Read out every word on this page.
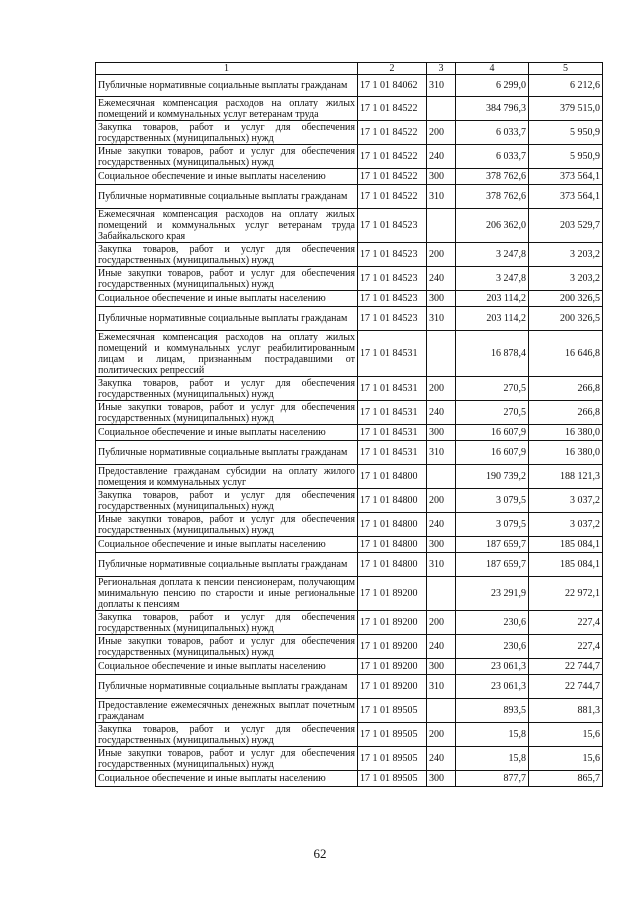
1	2	3	4	5
Публичные нормативные социальные выплаты гражданам	17 1 01 84062	310	6 299,0	6 212,6
Ежемесячная компенсация расходов на оплату жилых помещений и коммунальных услуг ветеранам труда	17 1 01 84522		384 796,3	379 515,0
Закупка товаров, работ и услуг для обеспечения государственных (муниципальных) нужд	17 1 01 84522	200	6 033,7	5 950,9
Иные закупки товаров, работ и услуг для обеспечения государственных (муниципальных) нужд	17 1 01 84522	240	6 033,7	5 950,9
Социальное обеспечение и иные выплаты населению	17 1 01 84522	300	378 762,6	373 564,1
Публичные нормативные социальные выплаты гражданам	17 1 01 84522	310	378 762,6	373 564,1
Ежемесячная компенсация расходов на оплату жилых помещений и коммунальных услуг ветеранам труда Забайкальского края	17 1 01 84523		206 362,0	203 529,7
Закупка товаров, работ и услуг для обеспечения государственных (муниципальных) нужд	17 1 01 84523	200	3 247,8	3 203,2
Иные закупки товаров, работ и услуг для обеспечения государственных (муниципальных) нужд	17 1 01 84523	240	3 247,8	3 203,2
Социальное обеспечение и иные выплаты населению	17 1 01 84523	300	203 114,2	200 326,5
Публичные нормативные социальные выплаты гражданам	17 1 01 84523	310	203 114,2	200 326,5
Ежемесячная компенсация расходов на оплату жилых помещений и коммунальных услуг реабилитированным лицам и лицам, признанным пострадавшими от политических репрессий	17 1 01 84531		16 878,4	16 646,8
Закупка товаров, работ и услуг для обеспечения государственных (муниципальных) нужд	17 1 01 84531	200	270,5	266,8
Иные закупки товаров, работ и услуг для обеспечения государственных (муниципальных) нужд	17 1 01 84531	240	270,5	266,8
Социальное обеспечение и иные выплаты населению	17 1 01 84531	300	16 607,9	16 380,0
Публичные нормативные социальные выплаты гражданам	17 1 01 84531	310	16 607,9	16 380,0
Предоставление гражданам субсидии на оплату жилого помещения и коммунальных услуг	17 1 01 84800		190 739,2	188 121,3
Закупка товаров, работ и услуг для обеспечения государственных (муниципальных) нужд	17 1 01 84800	200	3 079,5	3 037,2
Иные закупки товаров, работ и услуг для обеспечения государственных (муниципальных) нужд	17 1 01 84800	240	3 079,5	3 037,2
Социальное обеспечение и иные выплаты населению	17 1 01 84800	300	187 659,7	185 084,1
Публичные нормативные социальные выплаты гражданам	17 1 01 84800	310	187 659,7	185 084,1
Региональная доплата к пенсии пенсионерам, получающим минимальную пенсию по старости и иные региональные доплаты к пенсиям	17 1 01 89200		23 291,9	22 972,1
Закупка товаров, работ и услуг для обеспечения государственных (муниципальных) нужд	17 1 01 89200	200	230,6	227,4
Иные закупки товаров, работ и услуг для обеспечения государственных (муниципальных) нужд	17 1 01 89200	240	230,6	227,4
Социальное обеспечение и иные выплаты населению	17 1 01 89200	300	23 061,3	22 744,7
Публичные нормативные социальные выплаты гражданам	17 1 01 89200	310	23 061,3	22 744,7
Предоставление ежемесячных денежных выплат почетным гражданам	17 1 01 89505		893,5	881,3
Закупка товаров, работ и услуг для обеспечения государственных (муниципальных) нужд	17 1 01 89505	200	15,8	15,6
Иные закупки товаров, работ и услуг для обеспечения государственных (муниципальных) нужд	17 1 01 89505	240	15,8	15,6
Социальное обеспечение и иные выплаты населению	17 1 01 89505	300	877,7	865,7
62
